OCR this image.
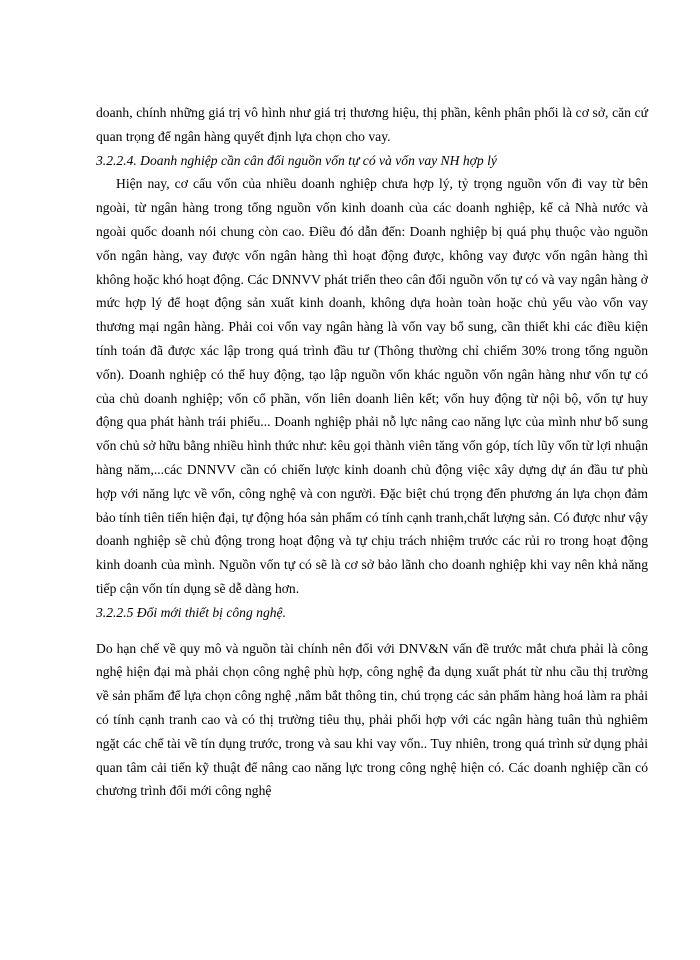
doanh, chính những giá trị vô hình như giá trị thương hiệu, thị phần, kênh phân phối là cơ sở, căn cứ quan trọng để ngân hàng quyết định lựa chọn cho vay.

3.2.2.4. Doanh nghiệp cần cân đối nguồn vốn tự có và vốn vay NH hợp lý

Hiện nay, cơ cấu vốn của nhiều doanh nghiệp chưa hợp lý, tỷ trọng nguồn vốn đi vay từ bên ngoài, từ ngân hàng trong tổng nguồn vốn kinh doanh của các doanh nghiệp, kể cả Nhà nước và ngoài quốc doanh nói chung còn cao. Điều đó dẫn đến: Doanh nghiệp bị quá phụ thuộc vào nguồn vốn ngân hàng, vay được vốn ngân hàng thì hoạt động được, không vay được vốn ngân hàng thì không hoặc khó hoạt động. Các DNNVV phát triển theo cân đối nguồn vốn tự có và vay ngân hàng ở mức hợp lý để hoạt động sản xuất kinh doanh, không dựa hoàn toàn hoặc chủ yếu vào vốn vay thương mại ngân hàng. Phải coi vốn vay ngân hàng là vốn vay bổ sung, cần thiết khi các điều kiện tính toán đã được xác lập trong quá trình đầu tư (Thông thường chỉ chiếm 30% trong tổng nguồn vốn). Doanh nghiệp có thể huy động, tạo lập nguồn vốn khác nguồn vốn ngân hàng như vốn tự có của chủ doanh nghiệp; vốn cổ phần, vốn liên doanh liên kết; vốn huy động từ nội bộ, vốn tự huy động qua phát hành trái phiếu... Doanh nghiệp phải nỗ lực nâng cao năng lực của mình như bổ sung vốn chủ sở hữu bằng nhiều hình thức như: kêu gọi thành viên tăng vốn góp, tích lũy vốn từ lợi nhuận hàng năm,...các DNNVV cần có chiến lược kinh doanh chủ động việc xây dựng dự án đầu tư phù hợp với năng lực về vốn, công nghệ và con người. Đặc biệt chú trọng đến phương án lựa chọn đảm bảo tính tiên tiến hiện đại, tự động hóa sản phẩm có tính cạnh tranh,chất lượng sản. Có được như vậy doanh nghiệp sẽ chủ động trong hoạt động và tự chịu trách nhiệm trước các rủi ro trong hoạt động kinh doanh của mình. Nguồn vốn tự có sẽ là cơ sở bảo lãnh cho doanh nghiệp khi vay nên khả năng tiếp cận vốn tín dụng sẽ dễ dàng hơn.

3.2.2.5 Đổi mới thiết bị công nghệ.

Do hạn chế về quy mô và nguồn tài chính nên đối với DNV&N vấn đề trước mắt chưa phải là công nghệ hiện đại mà phải chọn công nghệ phù hợp, công nghệ đa dụng xuất phát từ nhu cầu thị trường về sản phẩm để lựa chọn công nghệ ,nắm bắt thông tin, chú trọng các sản phẩm hàng hoá làm ra phải có tính cạnh tranh cao và có thị trường tiêu thụ, phải phối hợp với các ngân hàng tuân thủ nghiêm ngặt các chế tài về tín dụng trước, trong và sau khi vay vốn.. Tuy nhiên, trong quá trình sử dụng phải quan tâm cải tiến kỹ thuật để nâng cao năng lực trong công nghệ hiện có. Các doanh nghiệp cần có chương trình đổi mới công nghệ
